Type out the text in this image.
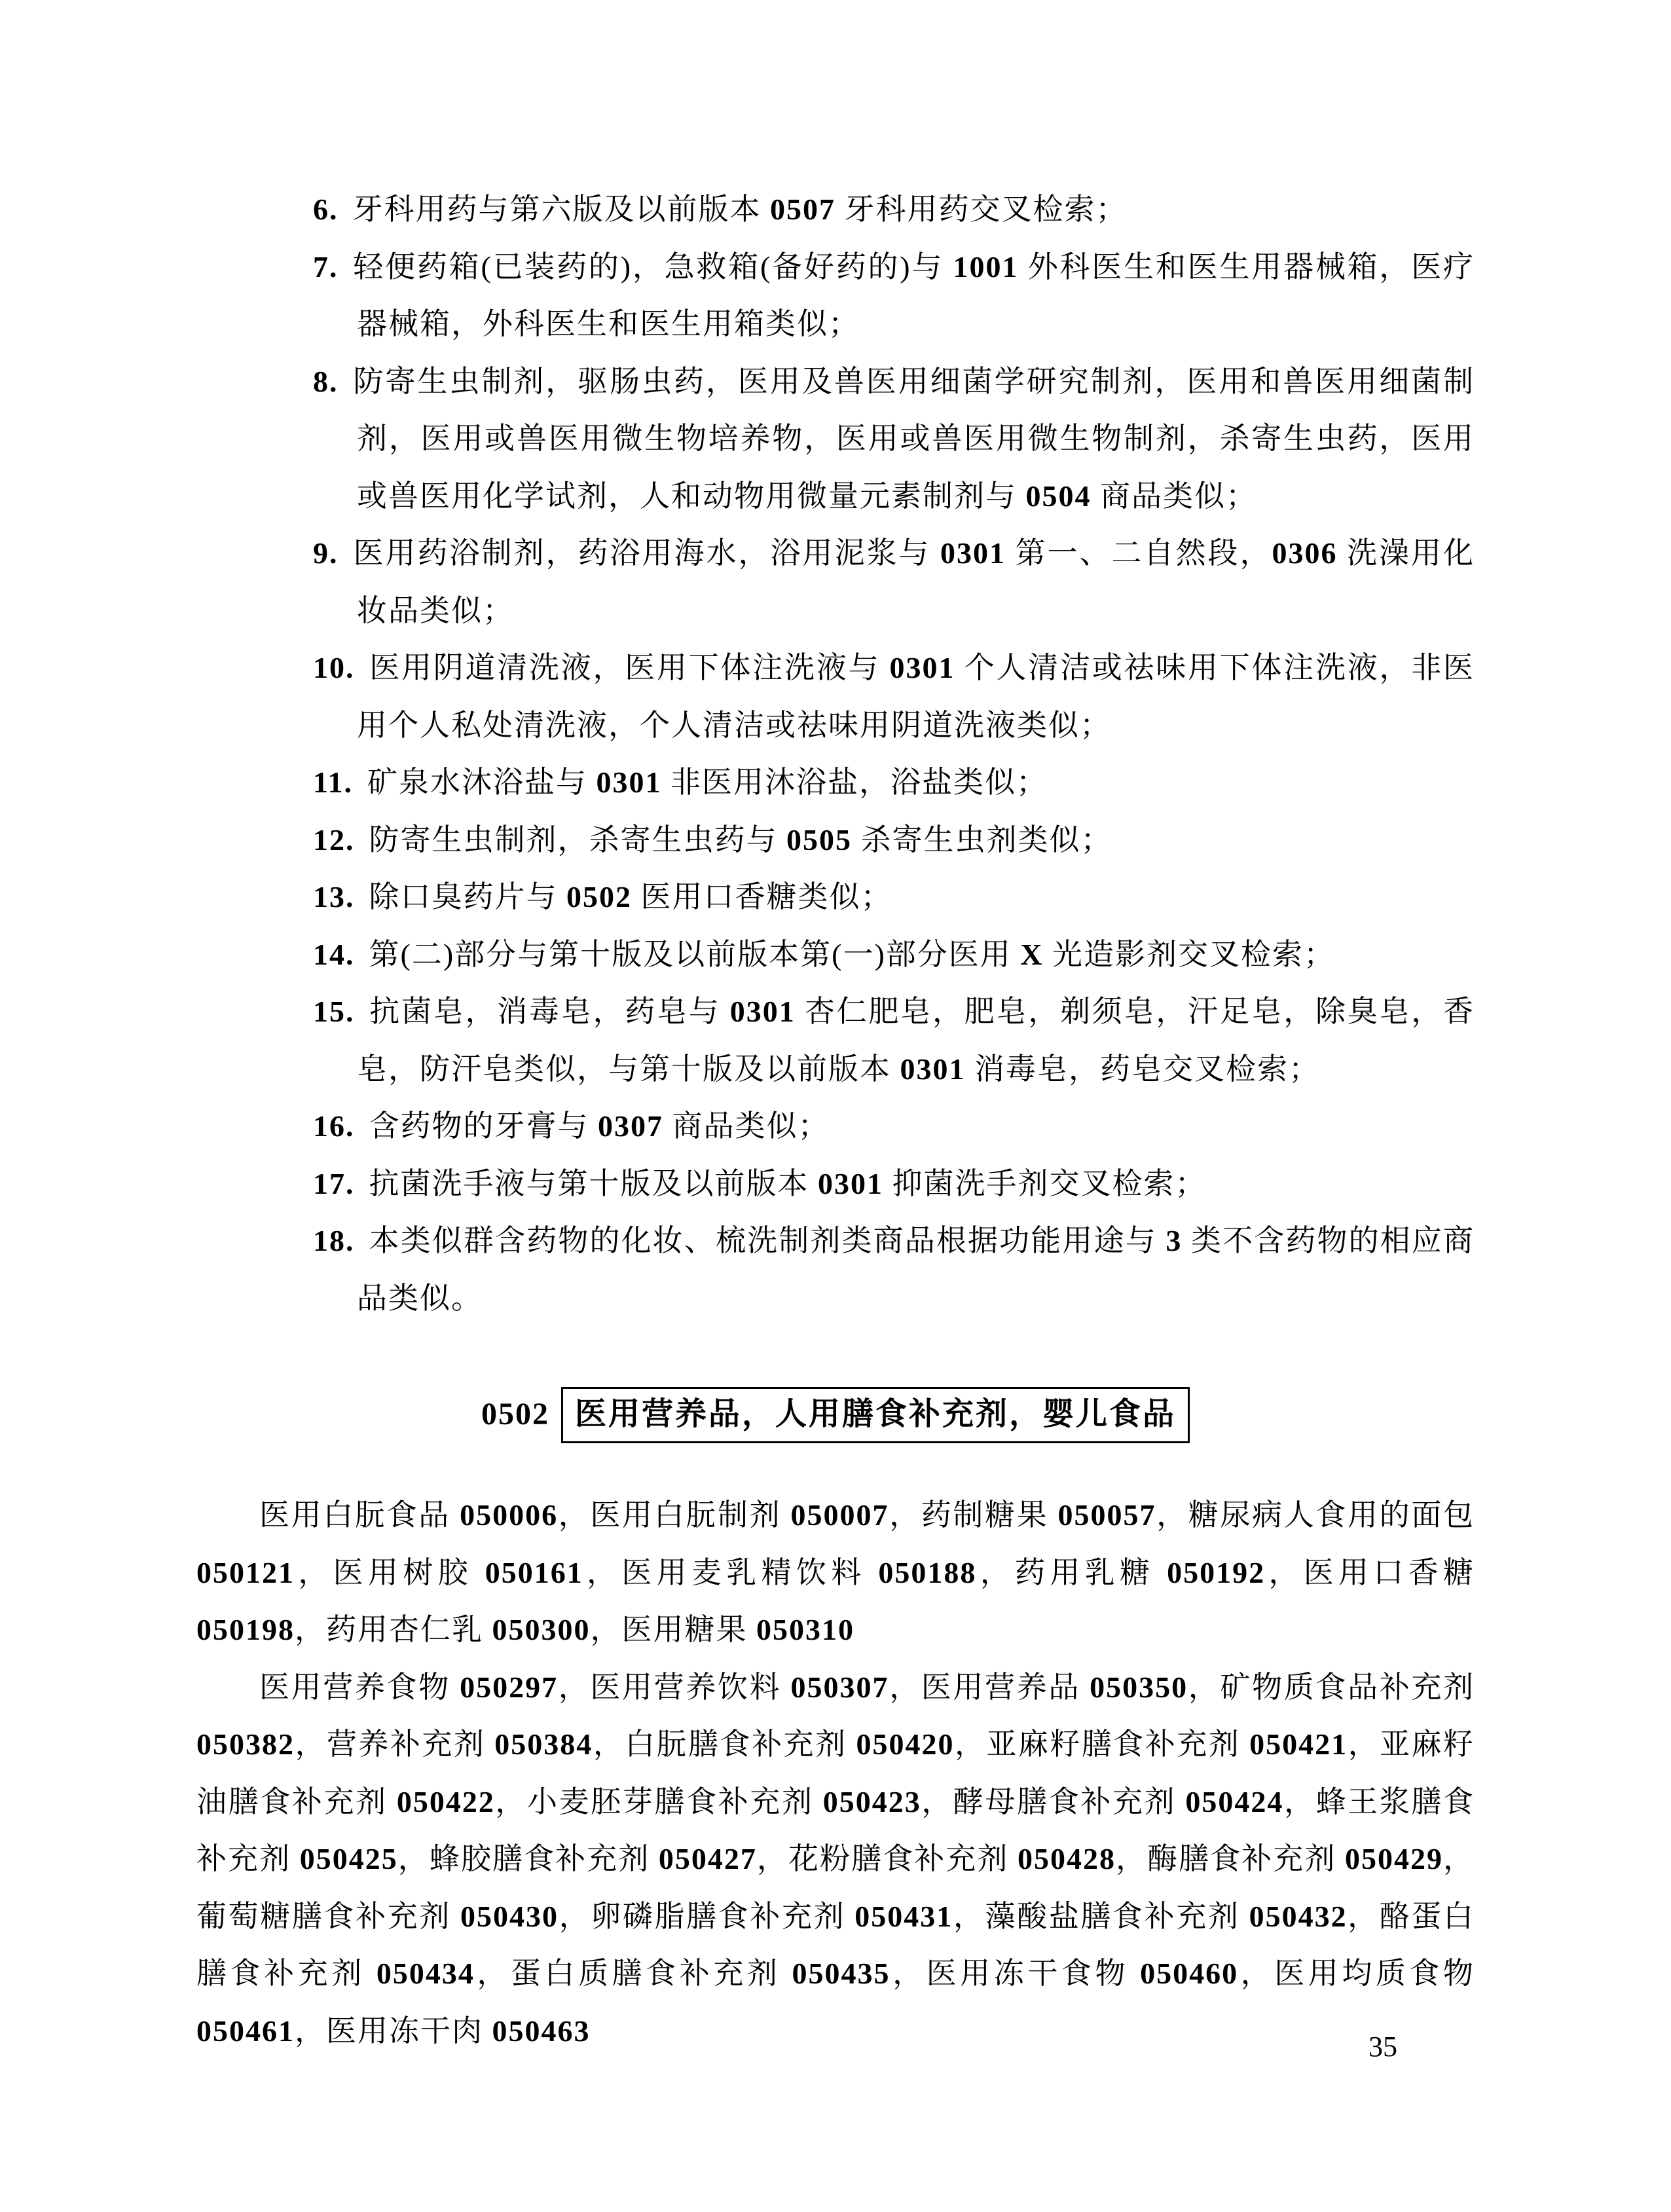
6. 牙科用药与第六版及以前版本 0507 牙科用药交叉检索；
7. 轻便药箱(已装药的)，急救箱(备好药的)与 1001 外科医生和医生用器械箱，医疗器械箱，外科医生和医生用箱类似；
8. 防寄生虫制剂，驱肠虫药，医用及兽医用细菌学研究制剂，医用和兽医用细菌制剂，医用或兽医用微生物培养物，医用或兽医用微生物制剂，杀寄生虫药，医用或兽医用化学试剂，人和动物用微量元素制剂与 0504 商品类似；
9. 医用药浴制剂，药浴用海水，浴用泥浆与 0301 第一、二自然段，0306 洗澡用化妆品类似；
10. 医用阴道清洗液，医用下体注洗液与 0301 个人清洁或祛味用下体注洗液，非医用个人私处清洗液，个人清洁或祛味用阴道洗液类似；
11. 矿泉水沐浴盐与 0301 非医用沐浴盐，浴盐类似；
12. 防寄生虫制剂，杀寄生虫药与 0505 杀寄生虫剂类似；
13. 除口臭药片与 0502 医用口香糖类似；
14. 第(二)部分与第十版及以前版本第(一)部分医用 X 光造影剂交叉检索；
15. 抗菌皂，消毒皂，药皂与 0301 杏仁肥皂，肥皂，剃须皂，汗足皂，除臭皂，香皂，防汗皂类似，与第十版及以前版本 0301 消毒皂，药皂交叉检索；
16. 含药物的牙膏与 0307 商品类似；
17. 抗菌洗手液与第十版及以前版本 0301 抑菌洗手剂交叉检索；
18. 本类似群含药物的化妆、梳洗制剂类商品根据功能用途与 3 类不含药物的相应商品类似。
0502 医用营养品，人用膳食补充剂，婴儿食品

医用白朊食品 050006，医用白朊制剂 050007，药制糖果 050057，糖尿病人食用的面包 050121，医用树胶 050161，医用麦乳精饮料 050188，药用乳糖 050192，医用口香糖 050198，药用杏仁乳 050300，医用糖果 050310

医用营养食物 050297，医用营养饮料 050307，医用营养品 050350，矿物质食品补充剂 050382，营养补充剂 050384，白朊膳食补充剂 050420，亚麻籽膳食补充剂 050421，亚麻籽油膳食补充剂 050422，小麦胚芽膳食补充剂 050423，酵母膳食补充剂 050424，蜂王浆膳食补充剂 050425，蜂胶膳食补充剂 050427，花粉膳食补充剂 050428，酶膳食补充剂 050429，葡萄糖膳食补充剂 050430，卵磷脂膳食补充剂 050431，藻酸盐膳食补充剂 050432，酪蛋白膳食补充剂 050434，蛋白质膳食补充剂 050435，医用冻干食物 050460，医用均质食物 050461，医用冻干肉 050463	35
